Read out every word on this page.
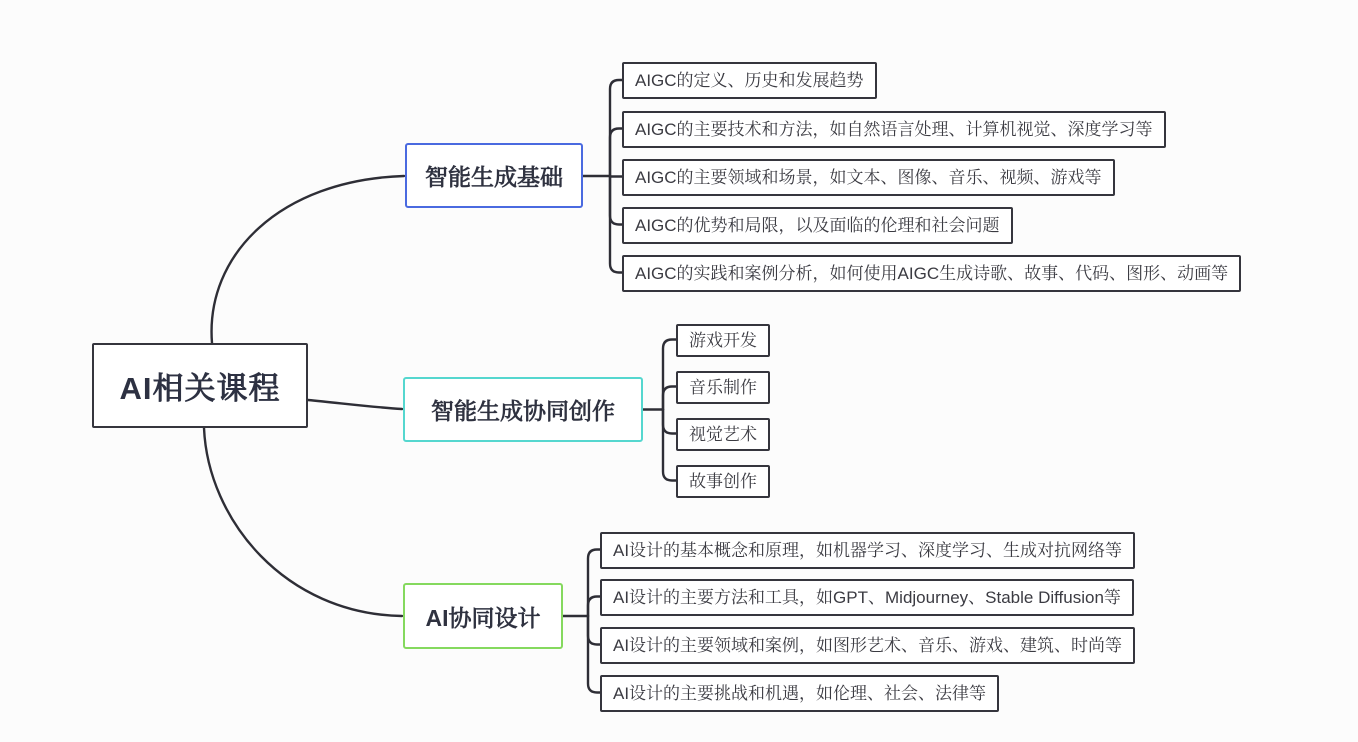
AI相关课程
智能生成基础
智能生成协同创作
AI协同设计
AIGC的定义、历史和发展趋势
AIGC的主要技术和方法，如自然语言处理、计算机视觉、深度学习等
AIGC的主要领域和场景，如文本、图像、音乐、视频、游戏等
AIGC的优势和局限，以及面临的伦理和社会问题
AIGC的实践和案例分析，如何使用AIGC生成诗歌、故事、代码、图形、动画等
游戏开发
音乐制作
视觉艺术
故事创作
AI设计的基本概念和原理，如机器学习、深度学习、生成对抗网络等
AI设计的主要方法和工具，如GPT、Midjourney、Stable Diffusion等
AI设计的主要领域和案例，如图形艺术、音乐、游戏、建筑、时尚等
AI设计的主要挑战和机遇，如伦理、社会、法律等
